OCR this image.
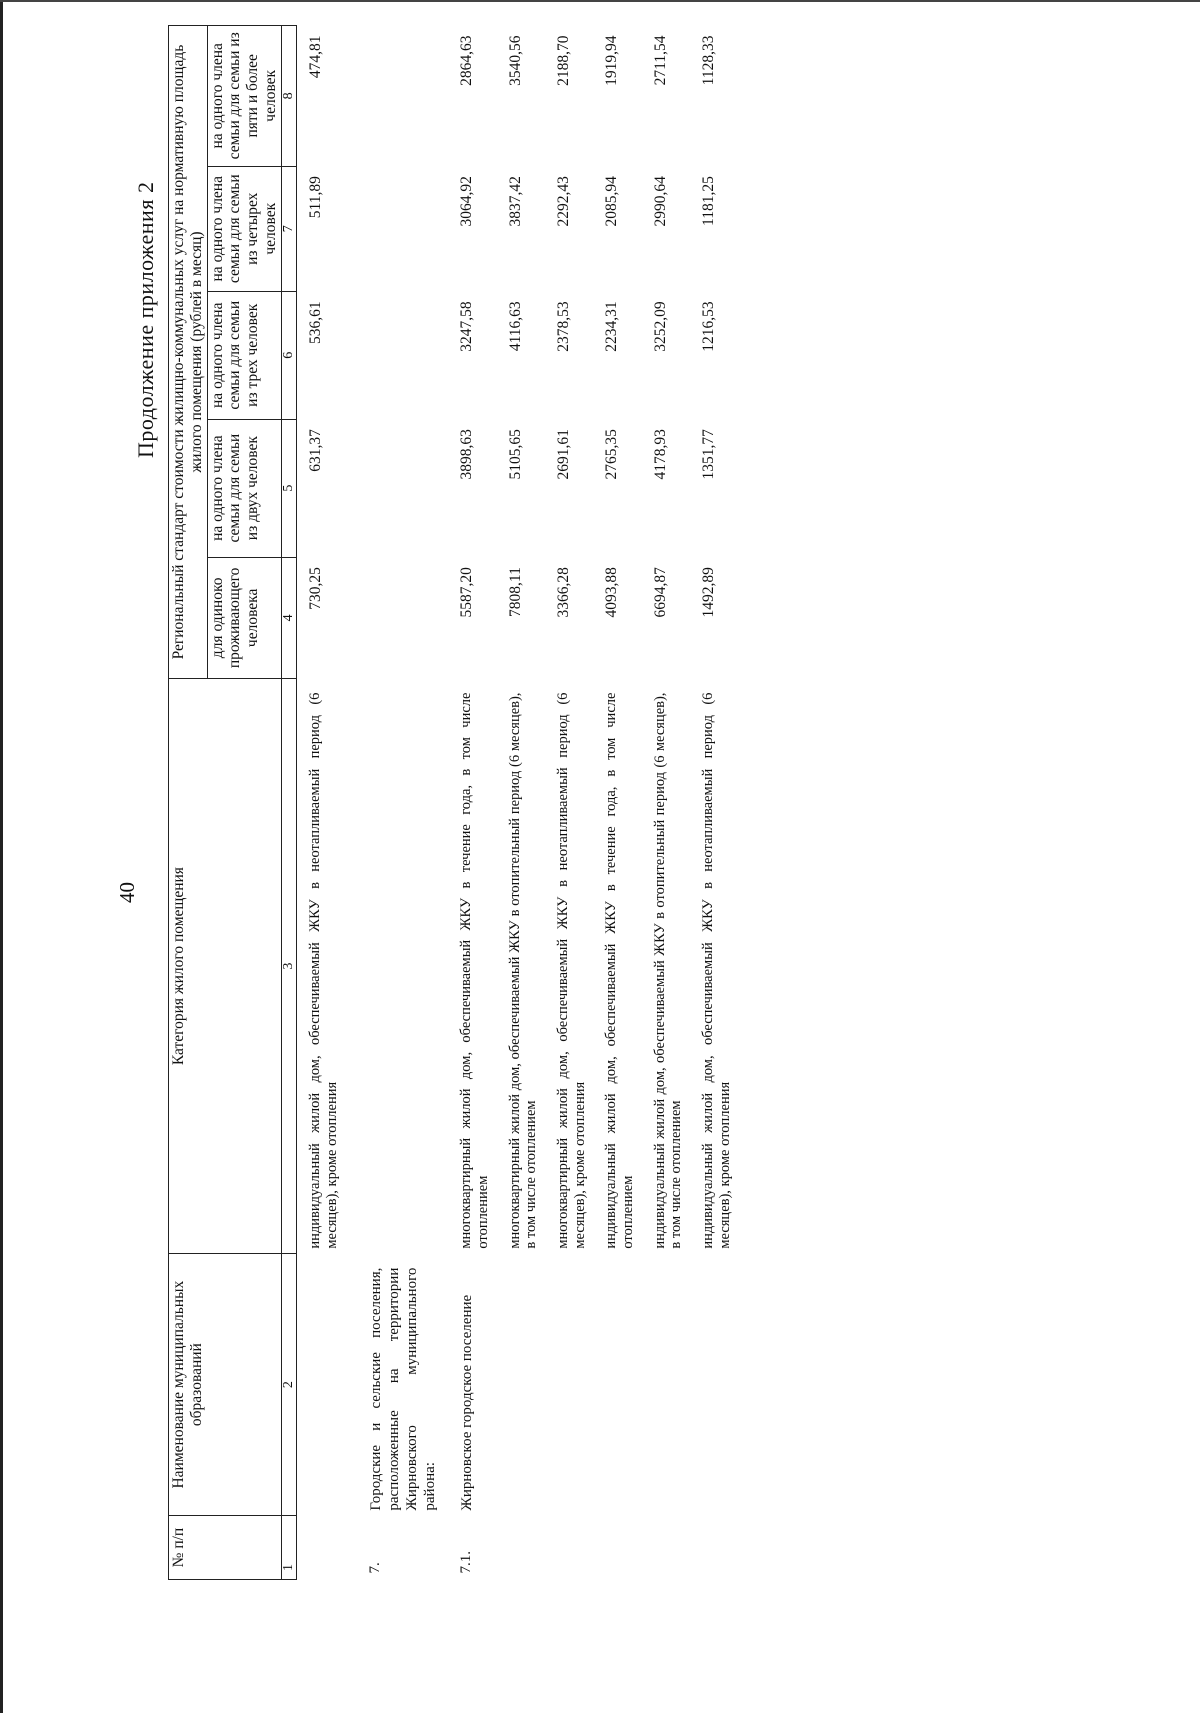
40
Продолжение приложения 2
№ п/п	Наименование муниципальных образований	Категория жилого помещения	Региональный стандарт стоимости жилищно-коммунальных услуг на нормативную площадь жилого помещения (рублей в месяц)				
			для одиноко проживающего человека	на одного члена семьи для семьи из двух человек	на одного члена семьи для семьи из трех человек	на одного члена семьи для семьи из четырех человек	на одного члена семьи для семьи из пяти и более человек
1	2	3	4	5	6	7	8
		индивидуальный жилой дом, обеспечиваемый ЖКУ в неотапливаемый период (6 месяцев), кроме отопления	730,25	631,37	536,61	511,89	474,81
7.	Городские и сельские поселения, расположенные на территории Жирновского муниципального района:						
7.1.	Жирновское городское поселение	многоквартирный жилой дом, обеспечиваемый ЖКУ в течение года, в том числе отоплением	5587,20	3898,63	3247,58	3064,92	2864,63
		многоквартирный жилой дом, обеспечиваемый ЖКУ в отопительный период (6 месяцев), в том числе отоплением	7808,11	5105,65	4116,63	3837,42	3540,56
		многоквартирный жилой дом, обеспечиваемый ЖКУ в неотапливаемый период (6 месяцев), кроме отопления	3366,28	2691,61	2378,53	2292,43	2188,70
		индивидуальный жилой дом, обеспечиваемый ЖКУ в течение года, в том числе отоплением	4093,88	2765,35	2234,31	2085,94	1919,94
		индивидуальный жилой дом, обеспечиваемый ЖКУ в отопительный период (6 месяцев), в том числе отоплением	6694,87	4178,93	3252,09	2990,64	2711,54
		индивидуальный жилой дом, обеспечиваемый ЖКУ в неотапливаемый период (6 месяцев), кроме отопления	1492,89	1351,77	1216,53	1181,25	1128,33
